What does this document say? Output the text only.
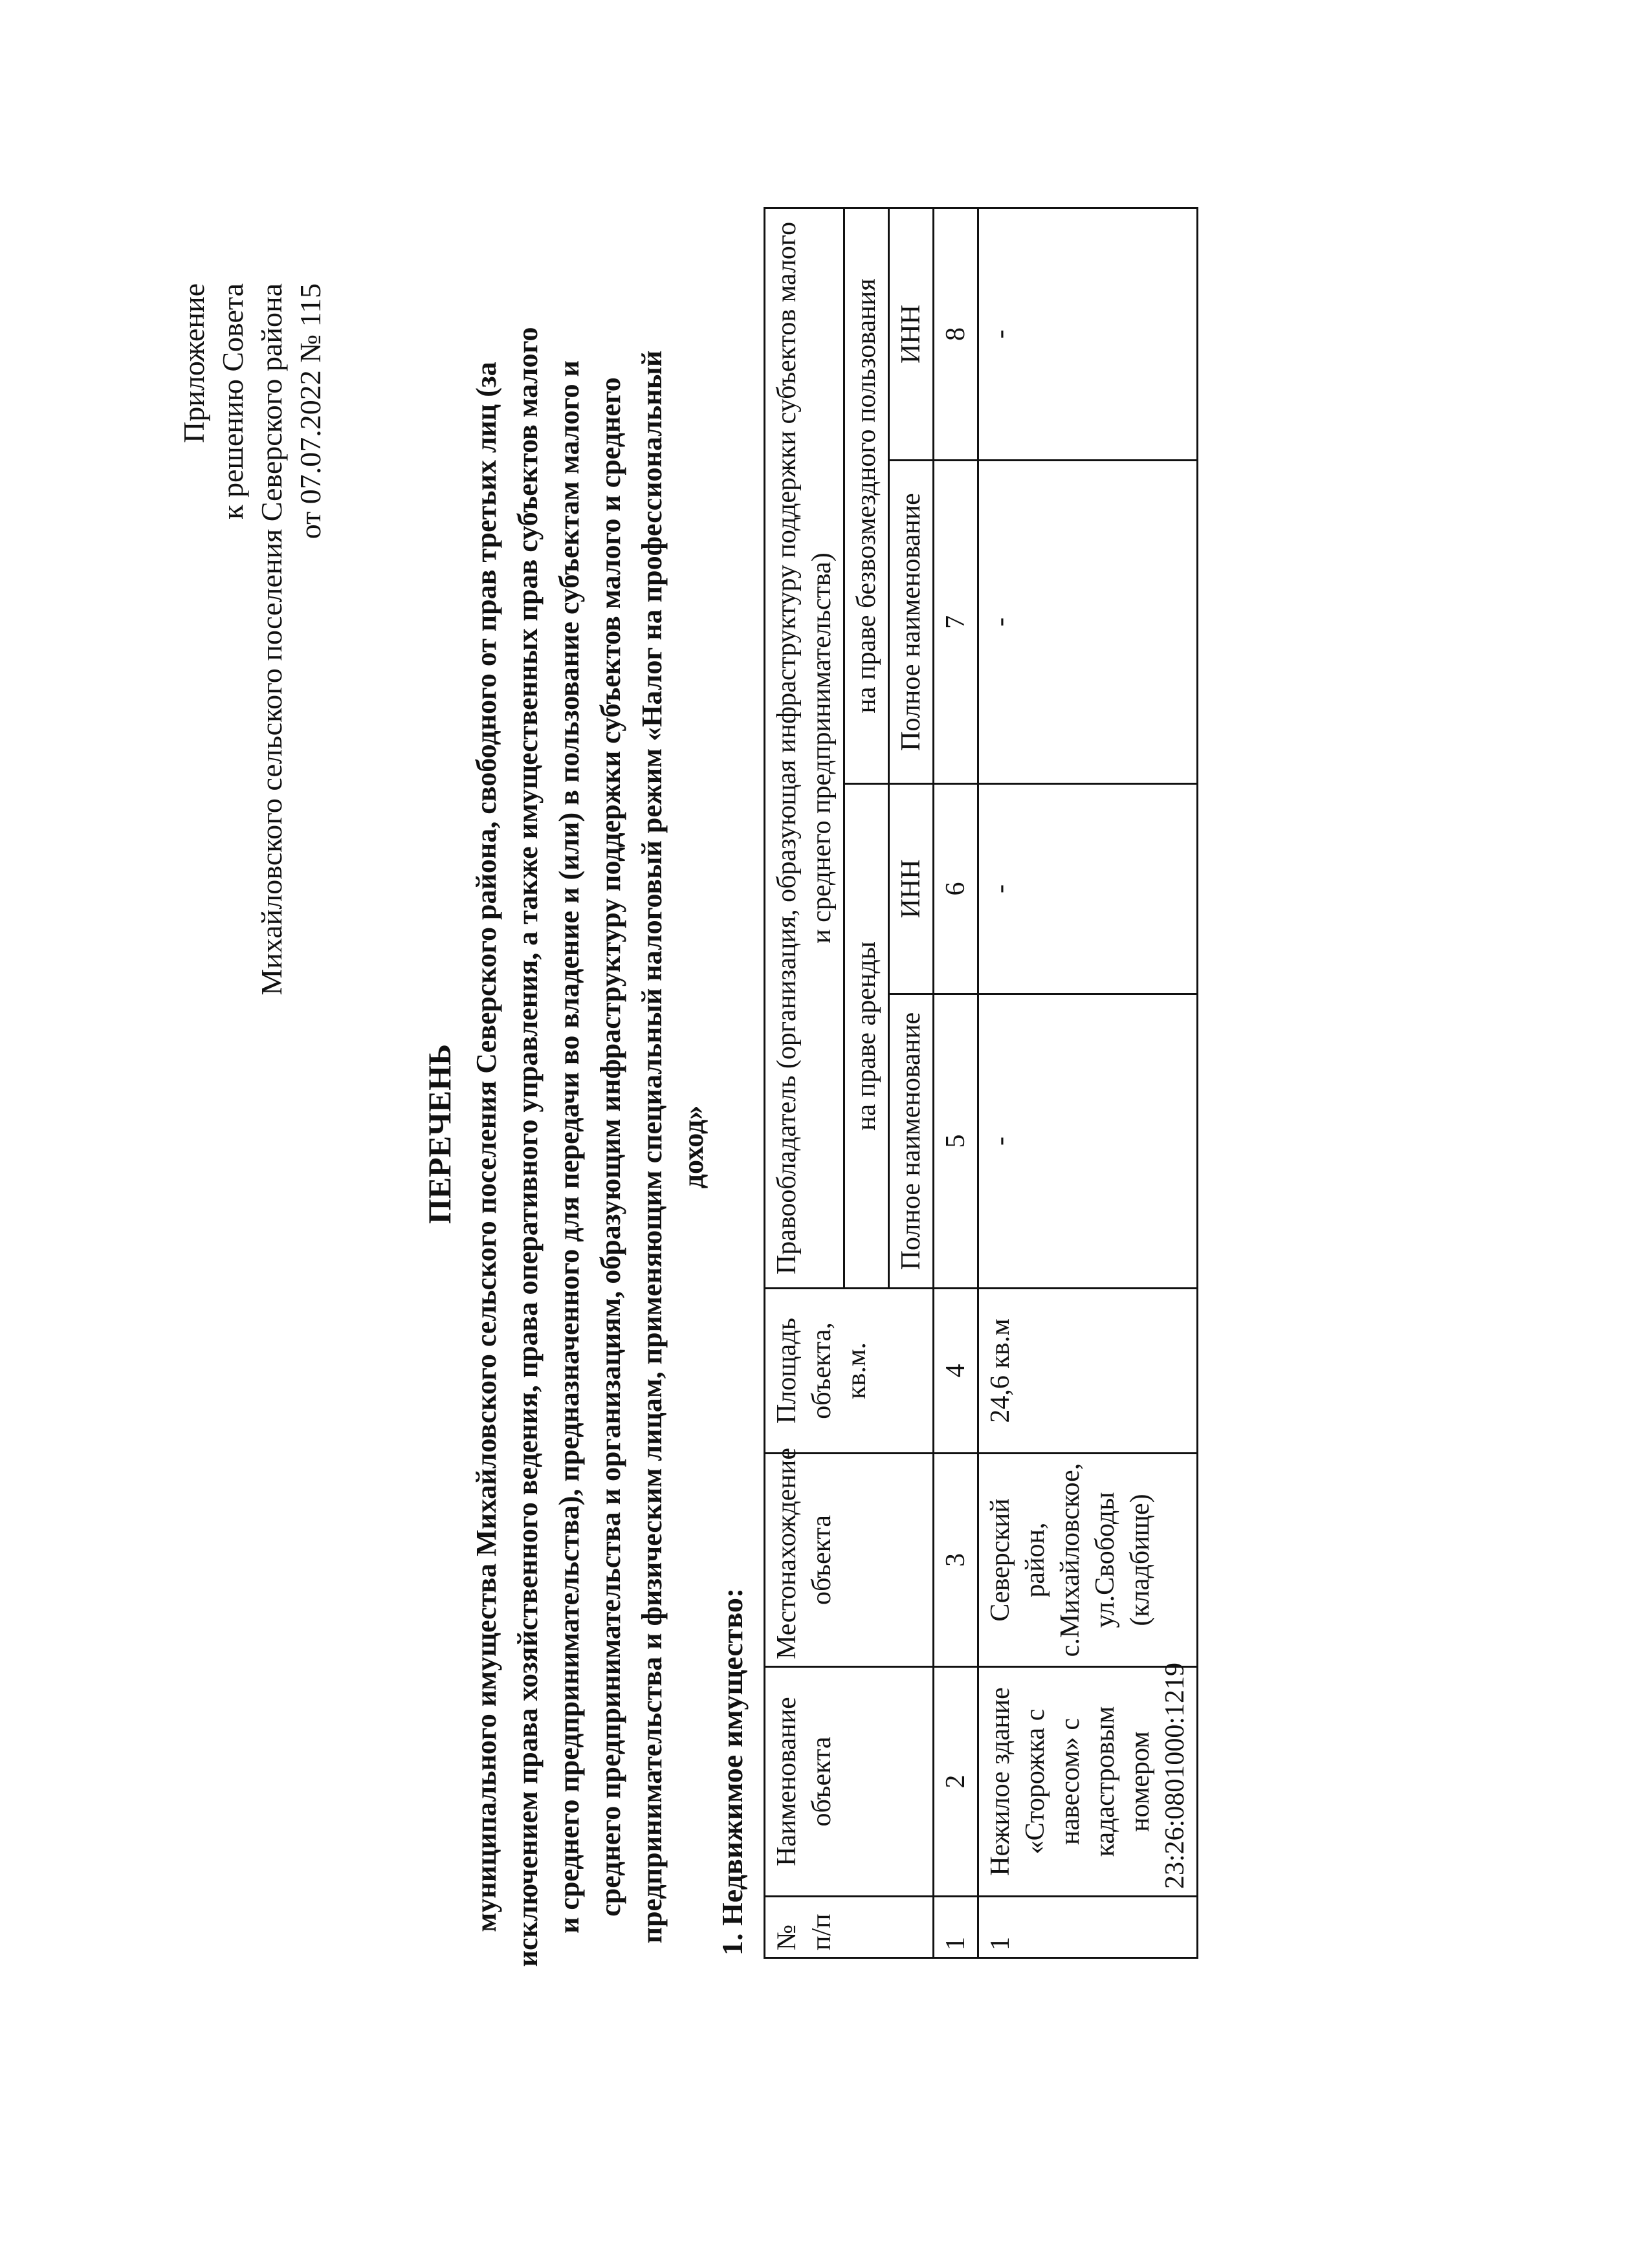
Приложение к решению Совета Михайловского сельского поселения Северского района от 07.07.2022 № 115
ПЕРЕЧЕНЬ муниципального имущества Михайловского сельского поселения Северского района, свободного от прав третьих лиц (за исключением права хозяйственного ведения, права оперативного управления, а также имущественных прав субъектов малого и среднего предпринимательства), предназначенного для передачи во владение и (или) в пользование субъектам малого и среднего предпринимательства и организациям, образующим инфраструктуру поддержки субъектов малого и среднего предпринимательства и физическим лицам, применяющим специальный налоговый режим «Налог на профессиональный доход»
1. Недвижимое имущество: № п/п	Наименование объекта	Местонахождение объекта	Площадь объекта, кв.м.	Правообладатель (организация, образующая инфраструктуру поддержки субъектов малого и среднего предпринимательства)			
				на праве аренды		на праве безвозмездного пользования	
				Полное наименование	ИНН	Полное наименование	ИНН
1	2	3	4	5	6	7	8
1	Нежилое здание «Сторожка с навесом» с кадастровым номером 23:26:0801000:1219	Северский район, с.Михайловское, ул.Свободы (кладбище)	24,6 кв.м	-	-	-	-
